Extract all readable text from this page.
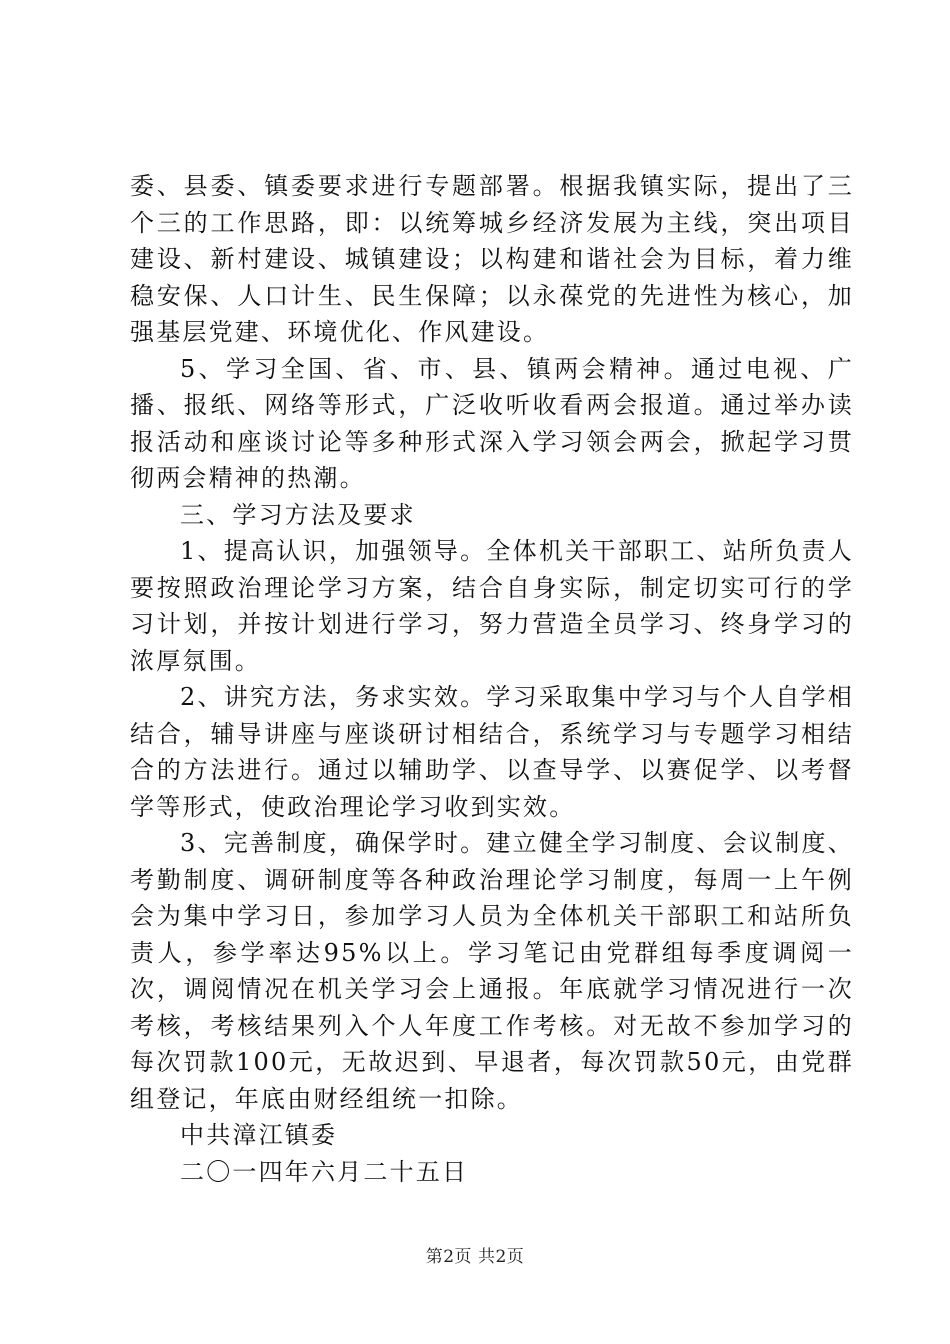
委、县委、镇委要求进行专题部署。根据我镇实际，提出了三个三的工作思路，即：以统筹城乡经济发展为主线，突出项目建设、新村建设、城镇建设；以构建和谐社会为目标，着力维稳安保、人口计生、民生保障；以永葆党的先进性为核心，加强基层党建、环境优化、作风建设。

5、学习全国、省、市、县、镇两会精神。通过电视、广播、报纸、网络等形式，广泛收听收看两会报道。通过举办读报活动和座谈讨论等多种形式深入学习领会两会，掀起学习贯彻两会精神的热潮。

三、学习方法及要求

1、提高认识，加强领导。全体机关干部职工、站所负责人要按照政治理论学习方案，结合自身实际，制定切实可行的学习计划，并按计划进行学习，努力营造全员学习、终身学习的浓厚氛围。

2、讲究方法，务求实效。学习采取集中学习与个人自学相结合，辅导讲座与座谈研讨相结合，系统学习与专题学习相结合的方法进行。通过以辅助学、以查导学、以赛促学、以考督学等形式，使政治理论学习收到实效。

3、完善制度，确保学时。建立健全学习制度、会议制度、考勤制度、调研制度等各种政治理论学习制度，每周一上午例会为集中学习日，参加学习人员为全体机关干部职工和站所负责人，参学率达95%以上。学习笔记由党群组每季度调阅一次，调阅情况在机关学习会上通报。年底就学习情况进行一次考核，考核结果列入个人年度工作考核。对无故不参加学习的每次罚款100元，无故迟到、早退者，每次罚款50元，由党群组登记，年底由财经组统一扣除。

中共漳江镇委

二〇一四年六月二十五日

第2页 共2页
